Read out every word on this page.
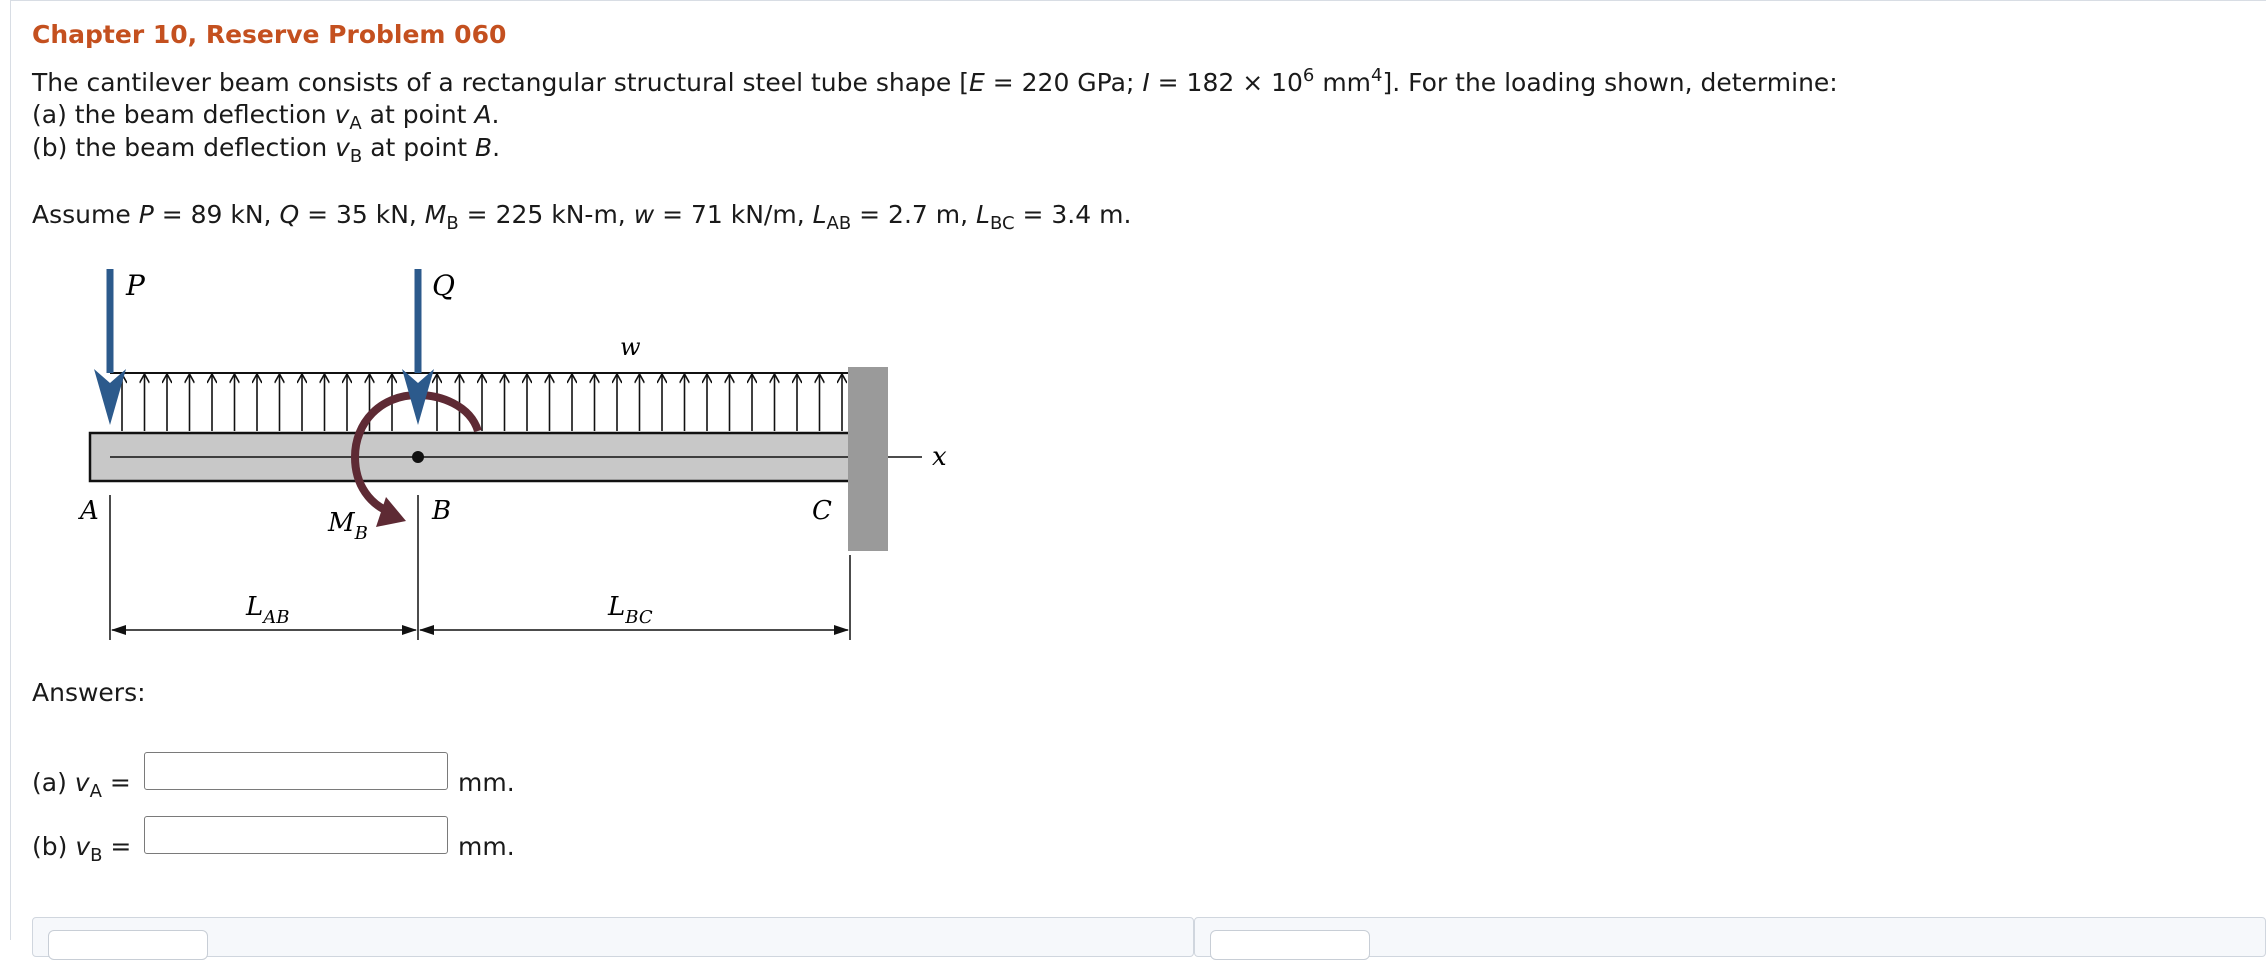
Chapter 10, Reserve Problem 060
The cantilever beam consists of a rectangular structural steel tube shape [E = 220 GPa; $I = 182 \times 10^6$ $mm^4$]. For the loading shown, determine:
(a) the beam deflection $v_A$ at point A.
(b) the beam deflection $v_B$ at point B.
Assume P = 89 kN, Q = 35 kN, $M_B = 225$ kN-m, w = 71 kN/m, $L_{AB} = 2.7$ m, $L_{BC} = 3.4$ m.
P	Q
w
x
A	B	C
$M_B$
$L_{AB}$	$L_{BC}$
Answers:
(a) $v_A$ =	mm.
(b) $v_B$ =	mm.
